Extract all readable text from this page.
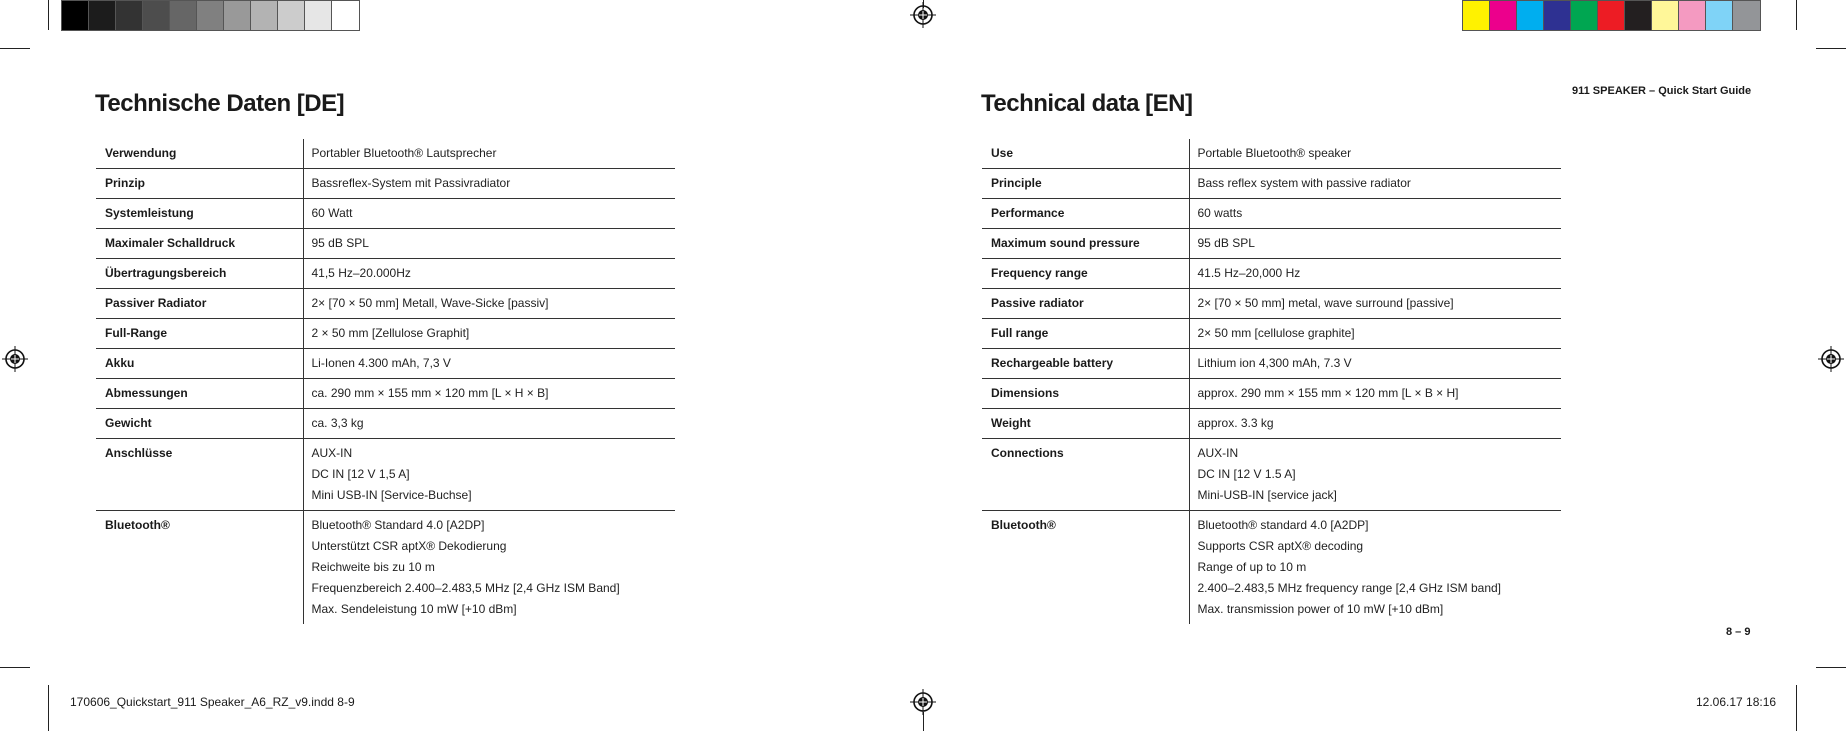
Technische Daten [DE]
Verwendung	Portabler Bluetooth® Lautsprecher

Prinzip	Bassreflex-System mit Passivradiator

Systemleistung	60 Watt

Maximaler Schalldruck	95 dB SPL

Übertragungsbereich	41,5 Hz–20.000Hz

Passiver Radiator	2× [70 × 50 mm] Metall, Wave-Sicke [passiv]

Full-Range	2 × 50 mm [Zellulose Graphit]

Akku	Li-Ionen 4.300 mAh, 7,3 V

Abmessungen	ca. 290 mm × 155 mm × 120 mm [L × H × B]

Gewicht	ca. 3,3 kg

Anschlüsse	AUX-IN
DC IN [12 V 1,5 A]
Mini USB-IN [Service-Buchse]

Bluetooth®	Bluetooth® Standard 4.0 [A2DP]
Unterstützt CSR aptX® Dekodierung
Reichweite bis zu 10 m
Frequenzbereich 2.400–2.483,5 MHz [2,4 GHz ISM Band]
Max. Sendeleistung 10 mW [+10 dBm]
911 SPEAKER – Quick Start Guide
Technical data [EN]
Use	Portable Bluetooth® speaker

Principle	Bass reflex system with passive radiator

Performance	60 watts

Maximum sound pressure	95 dB SPL

Frequency range	41.5 Hz–20,000 Hz

Passive radiator	2× [70 × 50 mm] metal, wave surround [passive]

Full range	2× 50 mm [cellulose graphite]

Rechargeable battery	Lithium ion 4,300 mAh, 7.3 V

Dimensions	approx. 290 mm × 155 mm × 120 mm [L × B × H]

Weight	approx. 3.3 kg

Connections	AUX-IN
DC IN [12 V 1.5 A]
Mini-USB-IN [service jack]

Bluetooth®	Bluetooth® standard 4.0 [A2DP]
Supports CSR aptX® decoding
Range of up to 10 m
2.400–2.483,5 MHz frequency range [2,4 GHz ISM band]
Max. transmission power of 10 mW [+10 dBm]
8 – 9
170606_Quickstart_911 Speaker_A6_RZ_v9.indd 8-9	12.06.17 18:16
